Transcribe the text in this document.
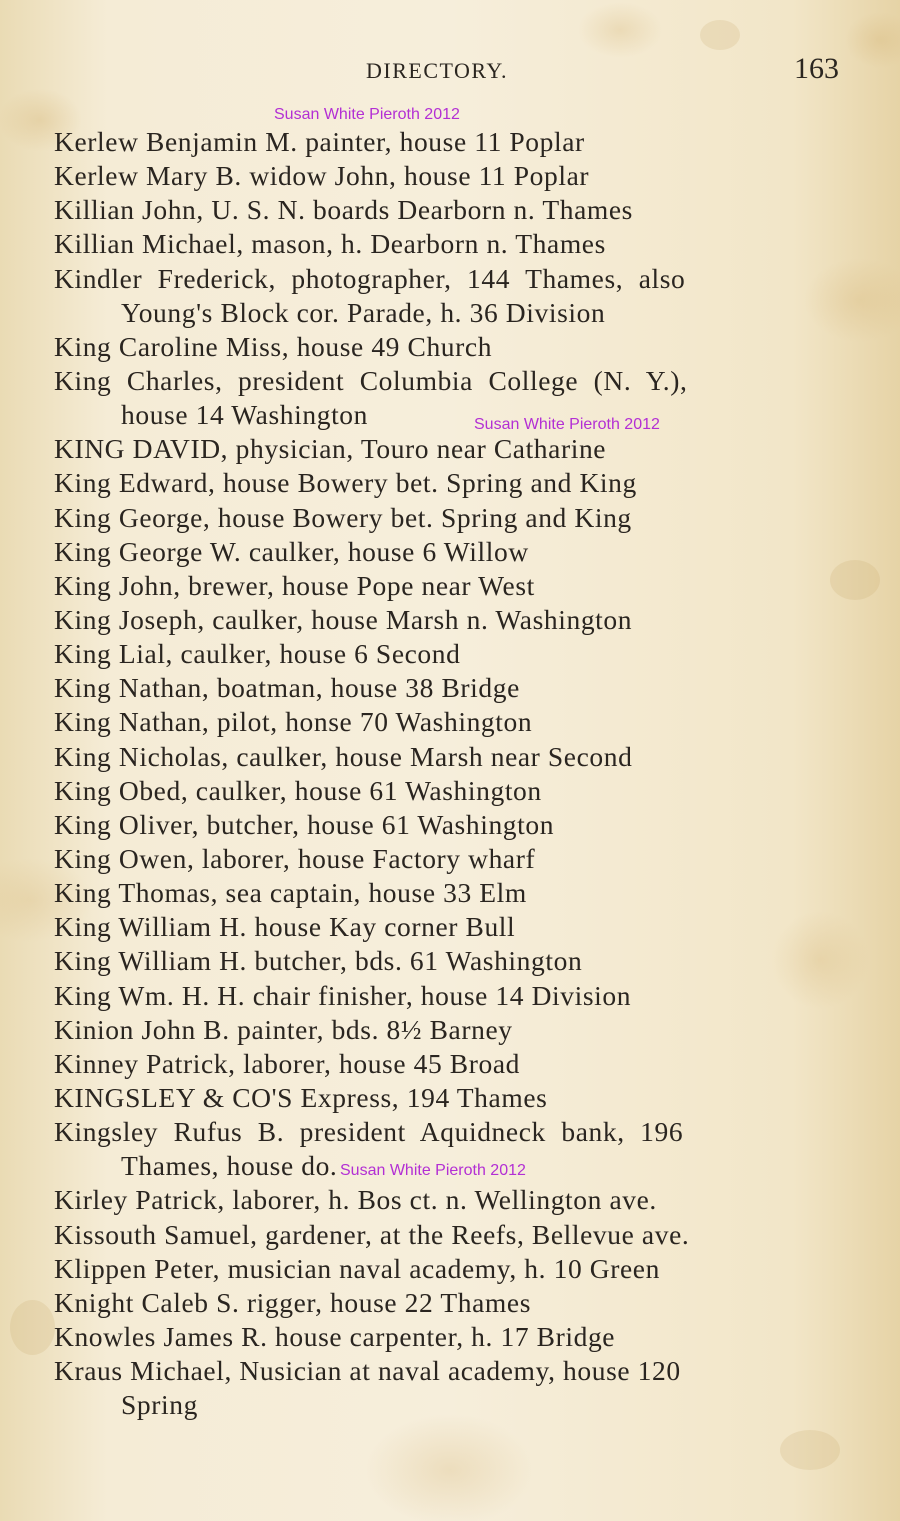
DIRECTORY.	163
Susan White Pieroth 2012
Kerlew Benjamin M. painter, house 11 Poplar
Kerlew Mary B. widow John, house 11 Poplar
Killian John, U. S. N. boards Dearborn n. Thames
Killian Michael, mason, h. Dearborn n. Thames
Kindler Frederick, photographer, 144 Thames, also
Young's Block cor. Parade, h. 36 Division
King Caroline Miss, house 49 Church
King Charles, president Columbia College (N. Y.),
house 14 Washington
KING DAVID, physician, Touro near Catharine
King Edward, house Bowery bet. Spring and King
King George, house Bowery bet. Spring and King
King George W. caulker, house 6 Willow
King John, brewer, house Pope near West
King Joseph, caulker, house Marsh n. Washington
King Lial, caulker, house 6 Second
King Nathan, boatman, house 38 Bridge
King Nathan, pilot, honse 70 Washington
King Nicholas, caulker, house Marsh near Second
King Obed, caulker, house 61 Washington
King Oliver, butcher, house 61 Washington
King Owen, laborer, house Factory wharf
King Thomas, sea captain, house 33 Elm
King William H. house Kay corner Bull
King William H. butcher, bds. 61 Washington
King Wm. H. H. chair finisher, house 14 Division
Kinion John B. painter, bds. 8½ Barney
Kinney Patrick, laborer, house 45 Broad
KINGSLEY & CO'S Express, 194 Thames
Kingsley Rufus B. president Aquidneck bank, 196
Thames, house do.
Kirley Patrick, laborer, h. Bos ct. n. Wellington ave.
Kissouth Samuel, gardener, at the Reefs, Bellevue ave.
Klippen Peter, musician naval academy, h. 10 Green
Knight Caleb S. rigger, house 22 Thames
Knowles James R. house carpenter, h. 17 Bridge
Kraus Michael, Nusician at naval academy, house 120
Spring
Susan White Pieroth 2012
Susan White Pieroth 2012
